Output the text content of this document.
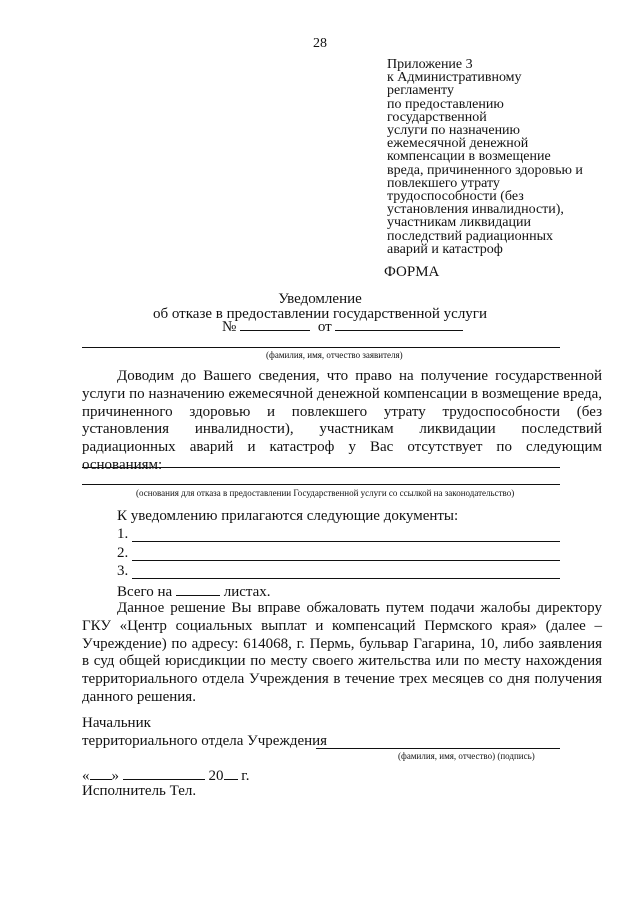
28
Приложение 3
к Административному
регламенту
по предоставлению
государственной
услуги по назначению
ежемесячной денежной
компенсации в возмещение
вреда, причиненного здоровью и
повлекшего утрату
трудоспособности (без
установления инвалидности),
участникам ликвидации
последствий радиационных
аварий и катастроф
ФОРМА
Уведомление
об отказе в предоставлении государственной услуги
№	от
(фамилия, имя, отчество заявителя)

Доводим до Вашего сведения, что право на получение государственной услуги по назначению ежемесячной денежной компенсации в возмещение вреда, причиненного здоровью и повлекшего утрату трудоспособности (без установления инвалидности), участникам ликвидации последствий радиационных аварий и катастроф у Вас отсутствует по следующим основаниям:

(основания для отказа в предоставлении Государственной услуги со ссылкой на законодательство)
К уведомлению прилагаются следующие документы:
1.
2.
3.
Всего на	листах.

Данное решение Вы вправе обжаловать путем подачи жалобы директору ГКУ «Центр социальных выплат и компенсаций Пермского края» (далее – Учреждение) по адресу: 614068, г. Пермь, бульвар Гагарина, 10, либо заявления в суд общей юрисдикции по месту своего жительства или по месту нахождения территориального отдела Учреждения в течение трех месяцев со дня получения данного решения.

Начальник
территориального отдела Учреждения
(фамилия, имя, отчество) (подпись)
« »	20 г.
Исполнитель Тел.
